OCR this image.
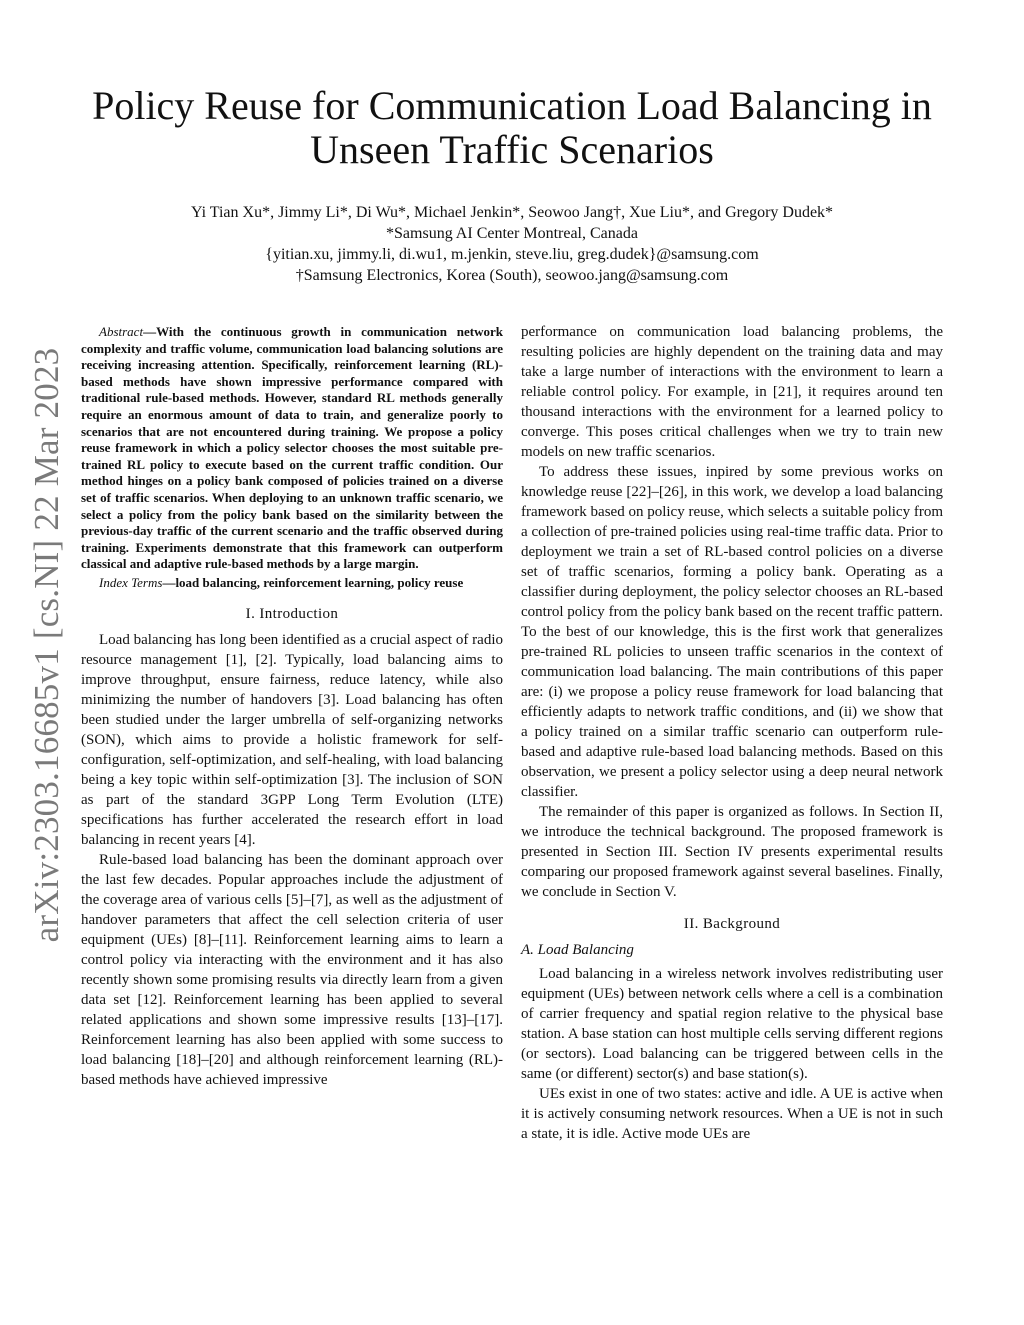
arXiv:2303.16685v1 [cs.NI] 22 Mar 2023
Policy Reuse for Communication Load Balancing in
Unseen Traffic Scenarios
Yi Tian Xu*, Jimmy Li*, Di Wu*, Michael Jenkin*, Seowoo Jang†, Xue Liu*, and Gregory Dudek*
*Samsung AI Center Montreal, Canada
{yitian.xu, jimmy.li, di.wu1, m.jenkin, steve.liu, greg.dudek}@samsung.com
†Samsung Electronics, Korea (South), seowoo.jang@samsung.com

Abstract—With the continuous growth in communication network complexity and traffic volume, communication load balancing solutions are receiving increasing attention. Specifically, reinforcement learning (RL)-based methods have shown impressive performance compared with traditional rule-based methods. However, standard RL methods generally require an enormous amount of data to train, and generalize poorly to scenarios that are not encountered during training. We propose a policy reuse framework in which a policy selector chooses the most suitable pre-trained RL policy to execute based on the current traffic condition. Our method hinges on a policy bank composed of policies trained on a diverse set of traffic scenarios. When deploying to an unknown traffic scenario, we select a policy from the policy bank based on the similarity between the previous-day traffic of the current scenario and the traffic observed during training. Experiments demonstrate that this framework can outperform classical and adaptive rule-based methods by a large margin.

Index Terms—load balancing, reinforcement learning, policy reuse

I. Introduction

Load balancing has long been identified as a crucial aspect of radio resource management [1], [2]. Typically, load balancing aims to improve throughput, ensure fairness, reduce latency, while also minimizing the number of handovers [3]. Load balancing has often been studied under the larger umbrella of self-organizing networks (SON), which aims to provide a holistic framework for self-configuration, self-optimization, and self-healing, with load balancing being a key topic within self-optimization [3]. The inclusion of SON as part of the standard 3GPP Long Term Evolution (LTE) specifications has further accelerated the research effort in load balancing in recent years [4].

Rule-based load balancing has been the dominant approach over the last few decades. Popular approaches include the adjustment of the coverage area of various cells [5]–[7], as well as the adjustment of handover parameters that affect the cell selection criteria of user equipment (UEs) [8]–[11]. Reinforcement learning aims to learn a control policy via interacting with the environment and it has also recently shown some promising results via directly learn from a given data set [12]. Reinforcement learning has been applied to several related applications and shown some impressive results [13]–[17]. Reinforcement learning has also been applied with some success to load balancing [18]–[20] and although reinforcement learning (RL)-based methods have achieved impressive

performance on communication load balancing problems, the resulting policies are highly dependent on the training data and may take a large number of interactions with the environment to learn a reliable control policy. For example, in [21], it requires around ten thousand interactions with the environment for a learned policy to converge. This poses critical challenges when we try to train new models on new traffic scenarios.

To address these issues, inpired by some previous works on knowledge reuse [22]–[26], in this work, we develop a load balancing framework based on policy reuse, which selects a suitable policy from a collection of pre-trained policies using real-time traffic data. Prior to deployment we train a set of RL-based control policies on a diverse set of traffic scenarios, forming a policy bank. Operating as a classifier during deployment, the policy selector chooses an RL-based control policy from the policy bank based on the recent traffic pattern. To the best of our knowledge, this is the first work that generalizes pre-trained RL policies to unseen traffic scenarios in the context of communication load balancing. The main contributions of this paper are: (i) we propose a policy reuse framework for load balancing that efficiently adapts to network traffic conditions, and (ii) we show that a policy trained on a similar traffic scenario can outperform rule-based and adaptive rule-based load balancing methods. Based on this observation, we present a policy selector using a deep neural network classifier.

The remainder of this paper is organized as follows. In Section II, we introduce the technical background. The proposed framework is presented in Section III. Section IV presents experimental results comparing our proposed framework against several baselines. Finally, we conclude in Section V.

II. Background
A. Load Balancing

Load balancing in a wireless network involves redistributing user equipment (UEs) between network cells where a cell is a combination of carrier frequency and spatial region relative to the physical base station. A base station can host multiple cells serving different regions (or sectors). Load balancing can be triggered between cells in the same (or different) sector(s) and base station(s).

UEs exist in one of two states: active and idle. A UE is active when it is actively consuming network resources. When a UE is not in such a state, it is idle. Active mode UEs are
